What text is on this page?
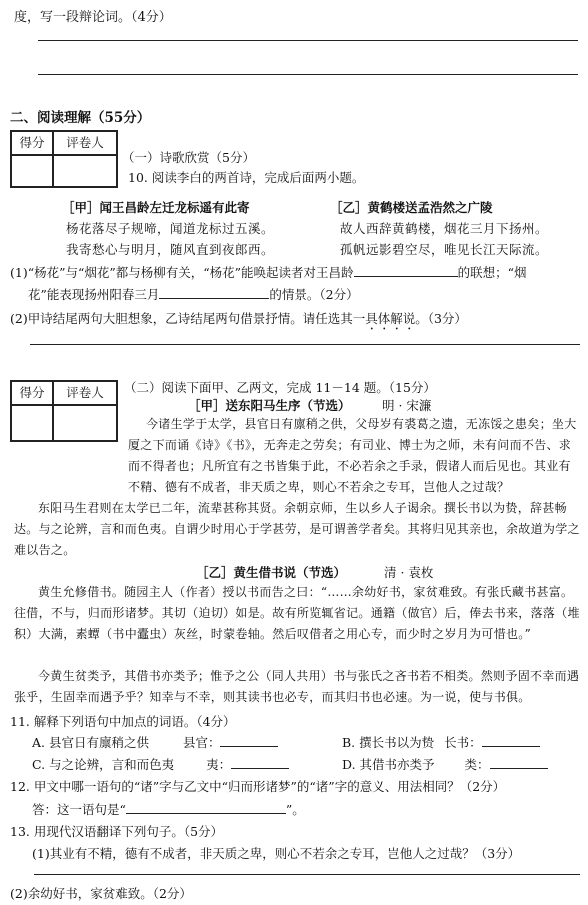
度，写一段辩论词。（4分）
二、阅读理解（55分）
得分	评卷人
（一）诗歌欣赏（5分）
10. 阅读李白的两首诗，完成后面两小题。
［甲］闻王昌龄左迁龙标遥有此寄
杨花落尽子规啼，闻道龙标过五溪。
我寄愁心与明月，随风直到夜郎西。
［乙］黄鹤楼送孟浩然之广陵
故人西辞黄鹤楼，烟花三月下扬州。
孤帆远影碧空尽，唯见长江天际流。
(1)“杨花”与“烟花”都与杨柳有关，“杨花”能唤起读者对王昌龄	的联想；“烟
花”能表现扬州阳春三月	的情景。（2分）
(2)甲诗结尾两句大胆想象，乙诗结尾两句借景抒情。请任选其一具体解说。（3分）
得分	评卷人	（二）阅读下面甲、乙两文，完成 11－14 题。（15分）
［甲］送东阳马生序（节选）	明 · 宋濂
今诸生学于太学，县官日有廪稍之供，父母岁有裘葛之遗，无冻馁之患矣；坐大厦之下而诵《诗》《书》，无奔走之劳矣；有司业、博士为之师，未有问而不告、求而不得者也；凡所宜有之书皆集于此，不必若余之手录，假诸人而后见也。其业有不精、德有不成者，非天质之卑，则心不若余之专耳，岂他人之过哉？
东阳马生君则在太学已二年，流辈甚称其贤。余朝京师，生以乡人子谒余。撰长书以为贽，辞甚畅达。与之论辨，言和而色夷。自谓少时用心于学甚劳，是可谓善学者矣。其将归见其亲也，余故道为学之难以告之。
［乙］黄生借书说（节选）	清 · 袁枚
黄生允修借书。随园主人（作者）授以书而告之曰：“……余幼好书，家贫难致。有张氏藏书甚富。往借，不与，归而形诸梦。其切（迫切）如是。故有所览辄省记。通籍（做官）后，俸去书来，落落（堆积）大满，素蟫（书中蠹虫）灰丝，时蒙卷轴。然后叹借者之用心专，而少时之岁月为可惜也。”
今黄生贫类予，其借书亦类予；惟予之公（同人共用）书与张氏之吝书若不相类。然则予固不幸而遇张乎，生固幸而遇予乎？知幸与不幸，则其读书也必专，而其归书也必速。为一说，使与书俱。
11. 解释下列语句中加点的词语。（4分）
A. 县官日有廪稍之供	县官：	B. 撰长书以为贽 长书：
C. 与之论辨，言和而色夷	夷：	D. 其借书亦类予 类：
12. 甲文中哪一语句的“诸”字与乙文中“归而形诸梦”的“诸”字的意义、用法相同？（2分）
答：这一语句是“	”。
13. 用现代汉语翻译下列句子。（5分）
(1)其业有不精，德有不成者，非天质之卑，则心不若余之专耳，岂他人之过哉？（3分）
(2)余幼好书，家贫难致。（2分）
